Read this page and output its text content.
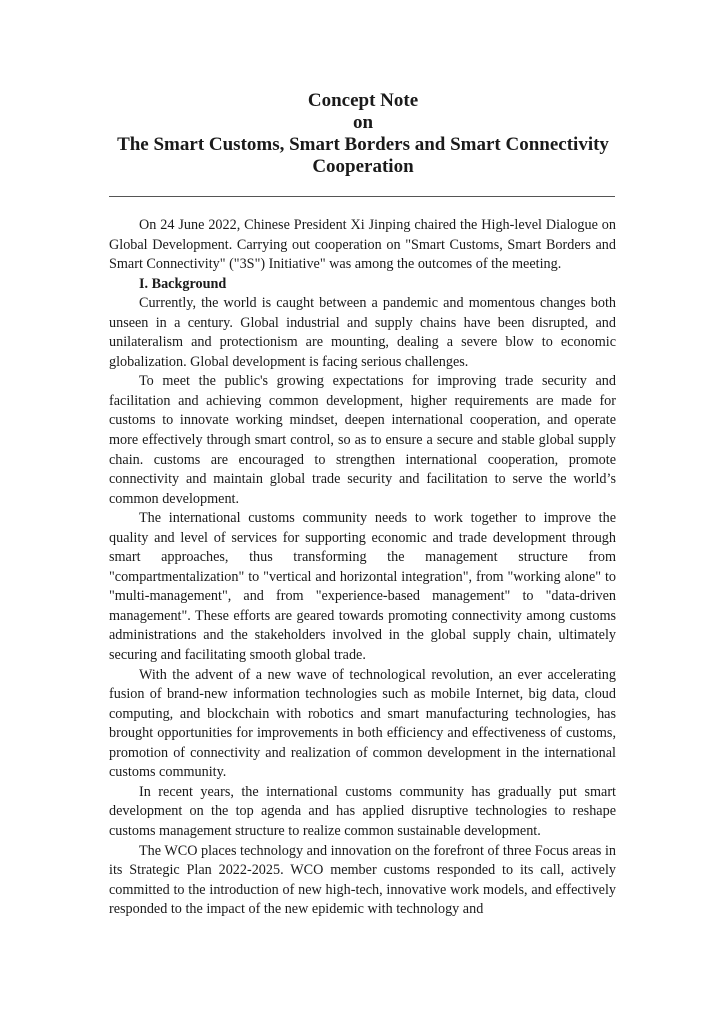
Concept Note
on
The Smart Customs, Smart Borders and Smart Connectivity
Cooperation

On 24 June 2022, Chinese President Xi Jinping chaired the High-level Dialogue on Global Development. Carrying out cooperation on "Smart Customs, Smart Borders and Smart Connectivity" ("3S") Initiative" was among the outcomes of the meeting.

I. Background

Currently, the world is caught between a pandemic and momentous changes both unseen in a century. Global industrial and supply chains have been disrupted, and unilateralism and protectionism are mounting, dealing a severe blow to economic globalization. Global development is facing serious challenges.

To meet the public's growing expectations for improving trade security and facilitation and achieving common development, higher requirements are made for customs to innovate working mindset, deepen international cooperation, and operate more effectively through smart control, so as to ensure a secure and stable global supply chain. customs are encouraged to strengthen international cooperation, promote connectivity and maintain global trade security and facilitation to serve the world’s common development.

The international customs community needs to work together to improve the quality and level of services for supporting economic and trade development through smart approaches, thus transforming the management structure from "compartmentalization" to "vertical and horizontal integration", from "working alone" to "multi-management", and from "experience-based management" to "data-driven management". These efforts are geared towards promoting connectivity among customs administrations and the stakeholders involved in the global supply chain, ultimately securing and facilitating smooth global trade.

With the advent of a new wave of technological revolution, an ever accelerating fusion of brand-new information technologies such as mobile Internet, big data, cloud computing, and blockchain with robotics and smart manufacturing technologies, has brought opportunities for improvements in both efficiency and effectiveness of customs, promotion of connectivity and realization of common development in the international customs community.

In recent years, the international customs community has gradually put smart development on the top agenda and has applied disruptive technologies to reshape customs management structure to realize common sustainable development.

The WCO places technology and innovation on the forefront of three Focus areas in its Strategic Plan 2022-2025. WCO member customs responded to its call, actively committed to the introduction of new high-tech, innovative work models, and effectively responded to the impact of the new epidemic with technology and
